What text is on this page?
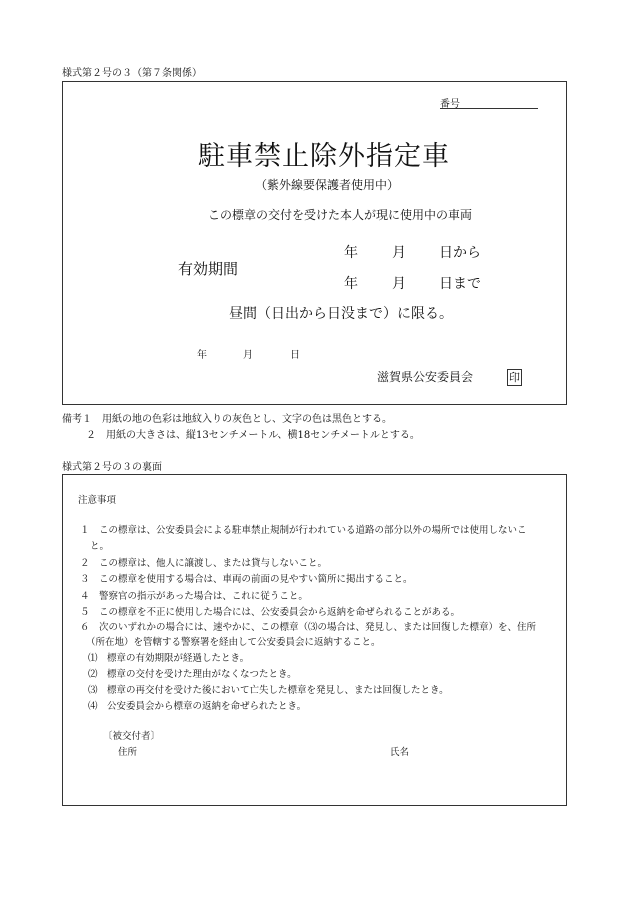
様式第２号の３（第７条関係）
番号
駐車禁止除外指定車
（紫外線要保護者使用中）
この標章の交付を受けた本人が現に使用中の車両
有効期間
年 月 日から
年 月 日まで
昼間（日出から日没まで）に限る。
年	月	日
滋賀県公安委員会	印
備考１　用紙の地の色彩は地紋入りの灰色とし、文字の色は黒色とする。
２　用紙の大きさは、縦13センチメートル、横18センチメートルとする。
様式第２号の３の裏面
注意事項
１　この標章は、公安委員会による駐車禁止規制が行われている道路の部分以外の場所では使用しないこ
と。
２　この標章は、他人に譲渡し、または貸与しないこと。
３　この標章を使用する場合は、車両の前面の見やすい箇所に掲出すること。
４　警察官の指示があった場合は、これに従うこと。
５　この標章を不正に使用した場合には、公安委員会から返納を命ぜられることがある。
６　次のいずれかの場合には、速やかに、この標章（⑶の場合は、発見し、または回復した標章）を、住所
（所在地）を管轄する警察署を経由して公安委員会に返納すること。
⑴　標章の有効期限が経過したとき。
⑵　標章の交付を受けた理由がなくなつたとき。
⑶　標章の再交付を受けた後において亡失した標章を発見し、または回復したとき。
⑷　公安委員会から標章の返納を命ぜられたとき。
〔被交付者〕
住所	氏名
